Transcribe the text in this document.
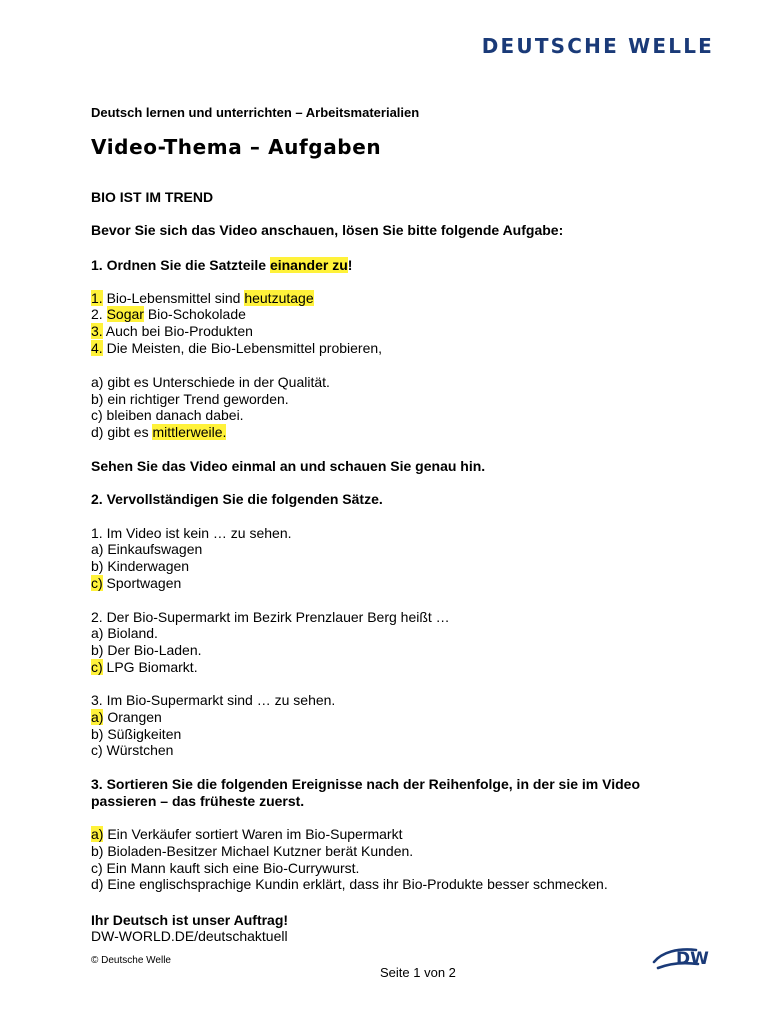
DEUTSCHE WELLE
Deutsch lernen und unterrichten – Arbeitsmaterialien
Video-Thema – Aufgaben
BIO IST IM TREND
Bevor Sie sich das Video anschauen, lösen Sie bitte folgende Aufgabe:
1. Ordnen Sie die Satzteile einander zu!
1. Bio-Lebensmittel sind heutzutage
2. Sogar Bio-Schokolade
3. Auch bei Bio-Produkten
4. Die Meisten, die Bio-Lebensmittel probieren,
a) gibt es Unterschiede in der Qualität.
b) ein richtiger Trend geworden.
c) bleiben danach dabei.
d) gibt es mittlerweile.
Sehen Sie das Video einmal an und schauen Sie genau hin.
2. Vervollständigen Sie die folgenden Sätze.
1. Im Video ist kein … zu sehen.
a) Einkaufswagen
b) Kinderwagen
c) Sportwagen
2. Der Bio-Supermarkt im Bezirk Prenzlauer Berg heißt …
a) Bioland.
b) Der Bio-Laden.
c) LPG Biomarkt.
3. Im Bio-Supermarkt sind … zu sehen.
a) Orangen
b) Süßigkeiten
c) Würstchen
3. Sortieren Sie die folgenden Ereignisse nach der Reihenfolge, in der sie im Video
passieren – das früheste zuerst.
a) Ein Verkäufer sortiert Waren im Bio-Supermarkt
b) Bioladen-Besitzer Michael Kutzner berät Kunden.
c) Ein Mann kauft sich eine Bio-Currywurst.
d) Eine englischsprachige Kundin erklärt, dass ihr Bio-Produkte besser schmecken.
Ihr Deutsch ist unser Auftrag!
DW-WORLD.DE/deutschaktuell
© Deutsche Welle
Seite 1 von 2
DW
